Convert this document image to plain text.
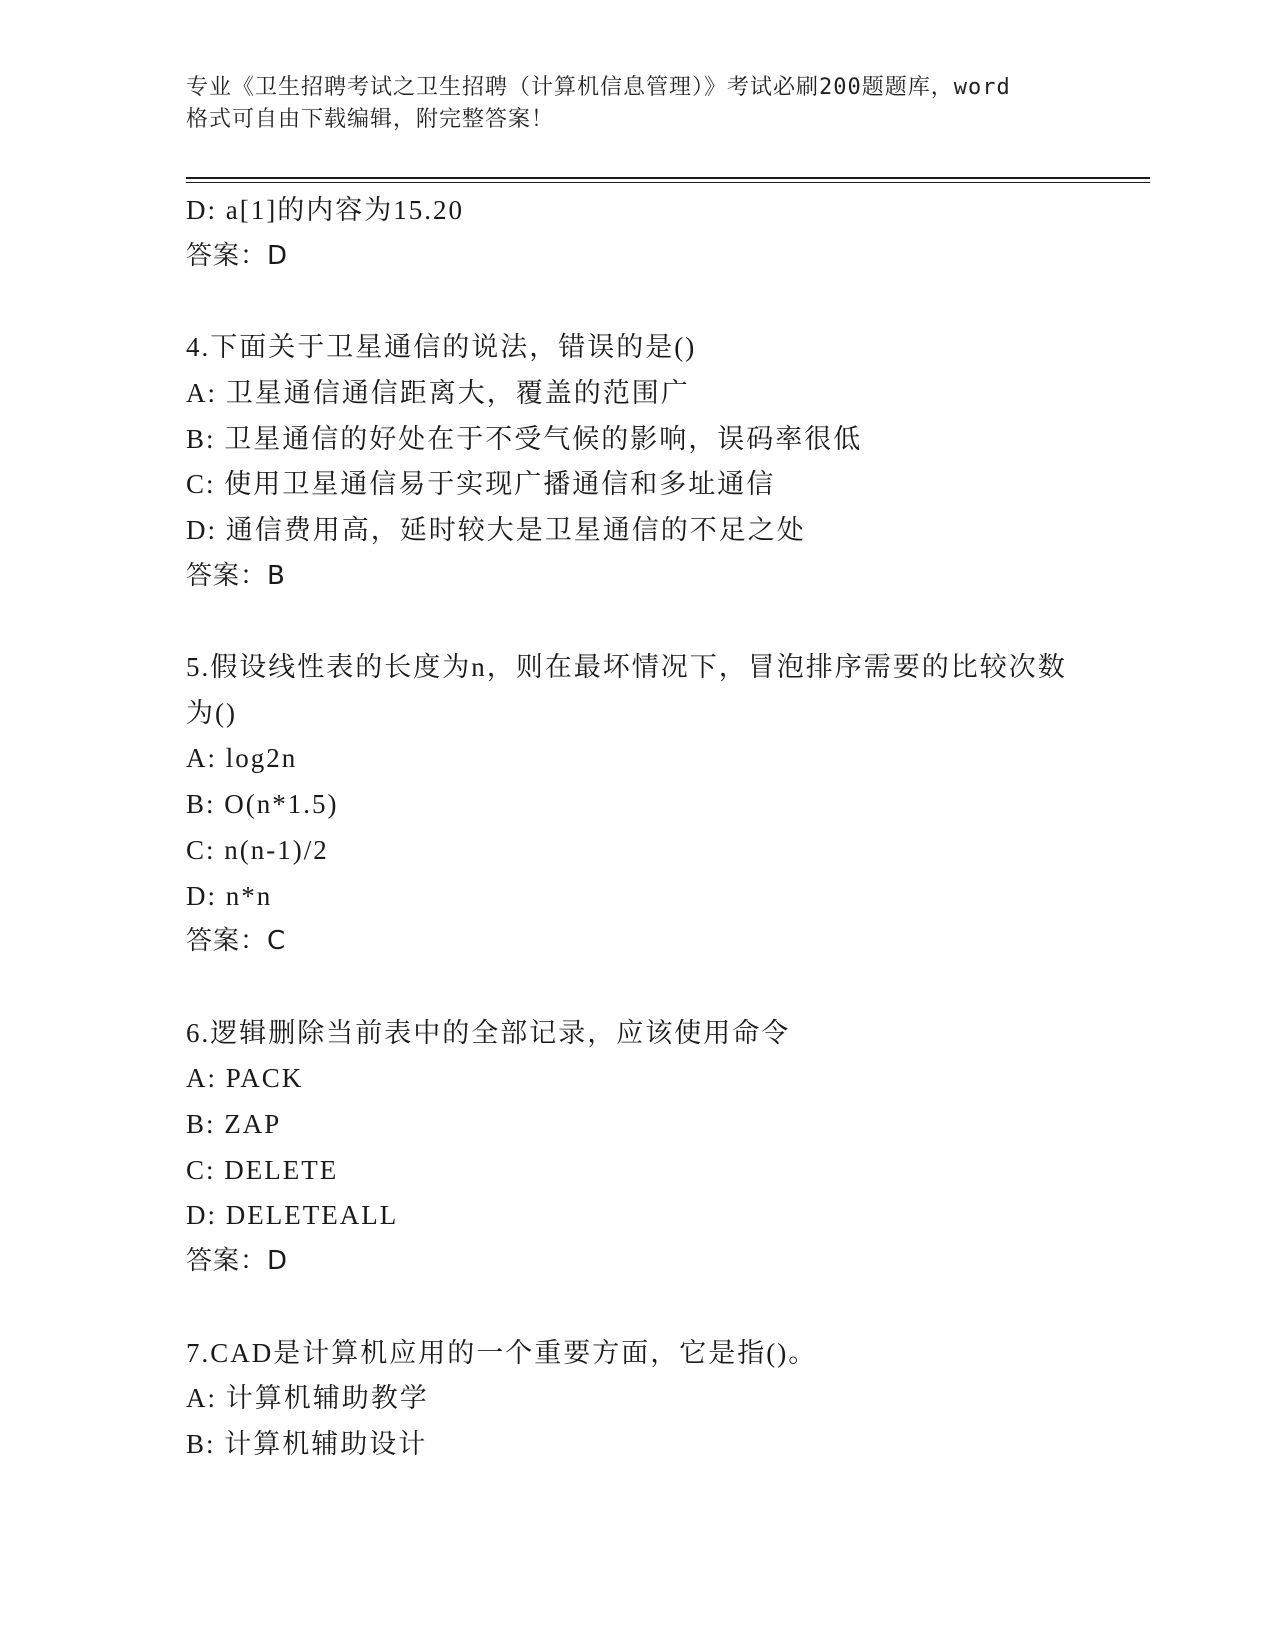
专业《卫生招聘考试之卫生招聘（计算机信息管理）》考试必刷200题题库，word
格式可自由下载编辑，附完整答案！
D: a[1]的内容为15.20
答案：D
4.下面关于卫星通信的说法，错误的是()
A: 卫星通信通信距离大，覆盖的范围广
B: 卫星通信的好处在于不受气候的影响，误码率很低
C: 使用卫星通信易于实现广播通信和多址通信
D: 通信费用高，延时较大是卫星通信的不足之处
答案：B
5.假设线性表的长度为n，则在最坏情况下，冒泡排序需要的比较次数
为()
A: log2n
B: O(n*1.5)
C: n(n-1)/2
D: n*n
答案：C
6.逻辑删除当前表中的全部记录，应该使用命令
A: PACK
B: ZAP
C: DELETE
D: DELETEALL
答案：D
7.CAD是计算机应用的一个重要方面，它是指()。
A: 计算机辅助教学
B: 计算机辅助设计
